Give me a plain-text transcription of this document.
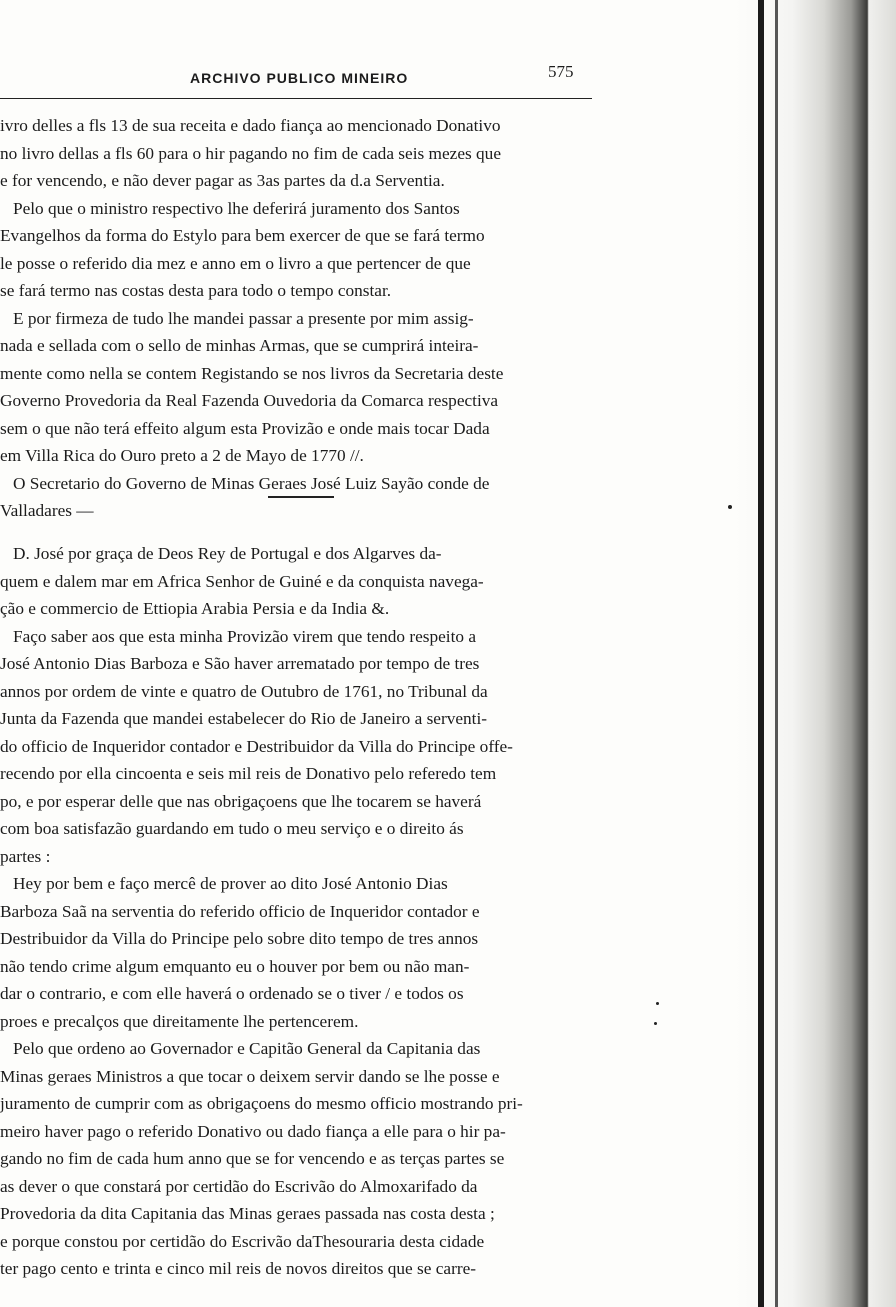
ARCHIVO PUBLICO MINEIRO	575
ivro delles a fls 13 de sua receita e dado fiança ao mencionado Donativo
no livro dellas a fls 60 para o hir pagando no fim de cada seis mezes que
e for vencendo, e não dever pagar as 3as partes da d.a Serventia.
Pelo que o ministro respectivo lhe deferirá juramento dos Santos
Evangelhos da forma do Estylo para bem exercer de que se fará termo
le posse o referido dia mez e anno em o livro a que pertencer de que
se fará termo nas costas desta para todo o tempo constar.
E por firmeza de tudo lhe mandei passar a presente por mim assig-
nada e sellada com o sello de minhas Armas, que se cumprirá inteira-
mente como nella se contem Registando se nos livros da Secretaria deste
Governo Provedoria da Real Fazenda Ouvedoria da Comarca respectiva
sem o que não terá effeito algum esta Provizão e onde mais tocar Dada
em Villa Rica do Ouro preto a 2 de Mayo de 1770 //.
O Secretario do Governo de Minas Geraes José Luiz Sayão conde de
Valladares —
D. José por graça de Deos Rey de Portugal e dos Algarves da-
quem e dalem mar em Africa Senhor de Guiné e da conquista navega-
ção e commercio de Ettiopia Arabia Persia e da India &.
Faço saber aos que esta minha Provizão virem que tendo respeito a
José Antonio Dias Barboza e São haver arrematado por tempo de tres
annos por ordem de vinte e quatro de Outubro de 1761, no Tribunal da
Junta da Fazenda que mandei estabelecer do Rio de Janeiro a serventi-
do officio de Inqueridor contador e Destribuidor da Villa do Principe offe-
recendo por ella cincoenta e seis mil reis de Donativo pelo referedo tem
po, e por esperar delle que nas obrigaçoens que lhe tocarem se haverá
com boa satisfazão guardando em tudo o meu serviço e o direito ás
partes :
Hey por bem e faço mercê de prover ao dito José Antonio Dias
Barboza Saã na serventia do referido officio de Inqueridor contador e
Destribuidor da Villa do Principe pelo sobre dito tempo de tres annos
não tendo crime algum emquanto eu o houver por bem ou não man-
dar o contrario, e com elle haverá o ordenado se o tiver / e todos os
proes e precalços que direitamente lhe pertencerem.
Pelo que ordeno ao Governador e Capitão General da Capitania das
Minas geraes Ministros a que tocar o deixem servir dando se lhe posse e
juramento de cumprir com as obrigaçoens do mesmo officio mostrando pri-
meiro haver pago o referido Donativo ou dado fiança a elle para o hir pa-
gando no fim de cada hum anno que se for vencendo e as terças partes se
as dever o que constará por certidão do Escrivão do Almoxarifado da
Provedoria da dita Capitania das Minas geraes passada nas costa desta ;
e porque constou por certidão do Escrivão daThesouraria desta cidade
ter pago cento e trinta e cinco mil reis de novos direitos que se carre-
